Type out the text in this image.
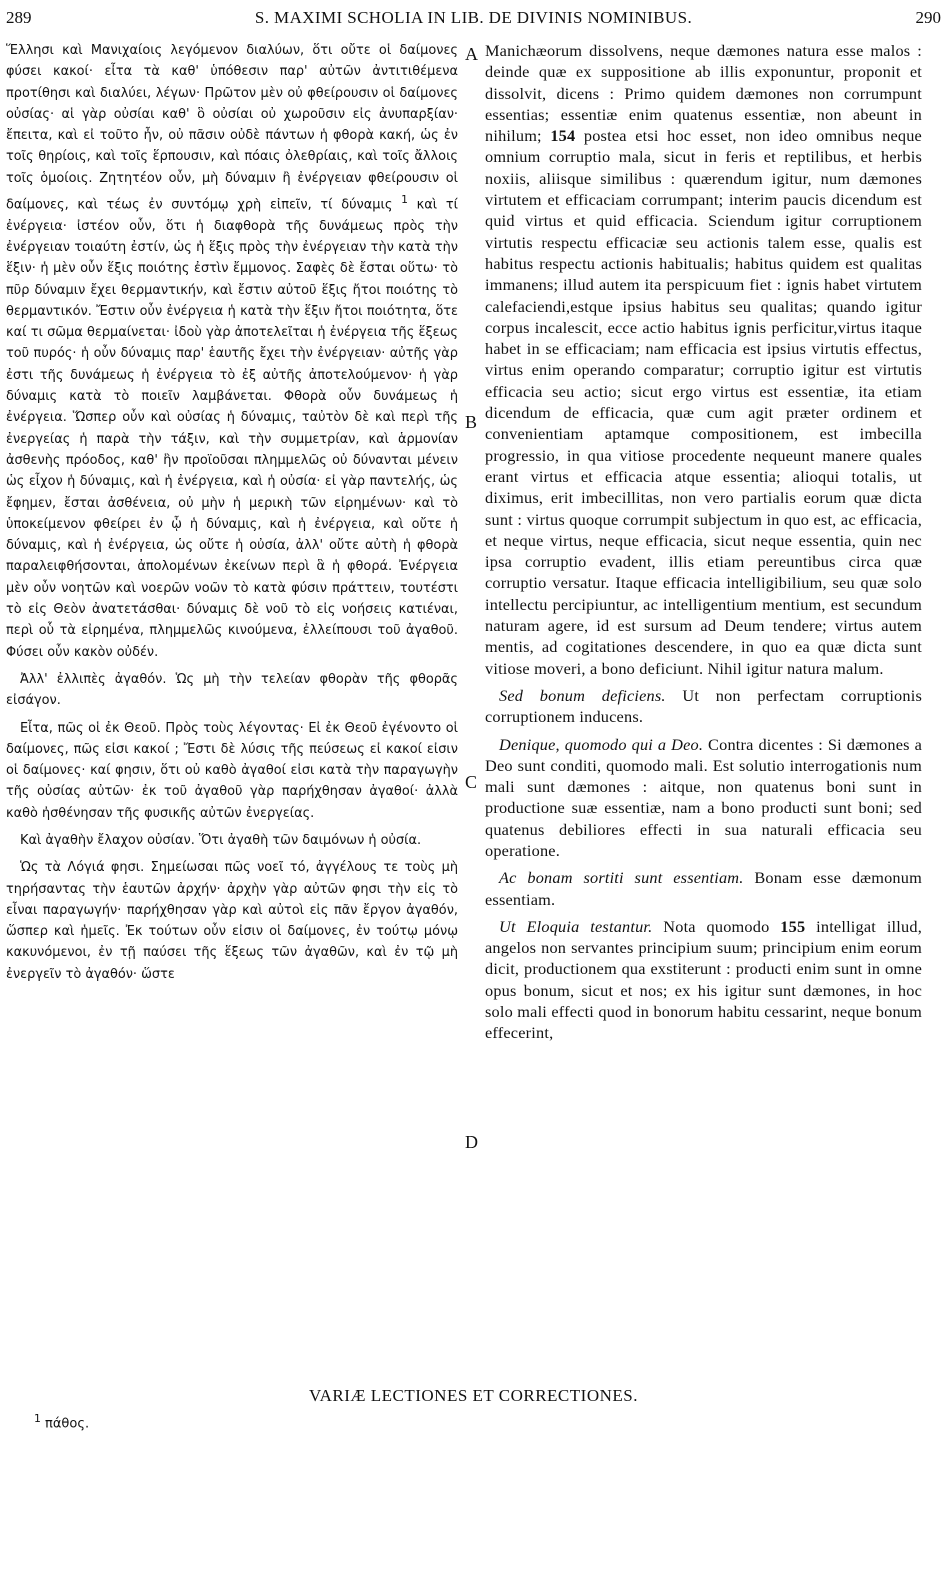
289	S. MAXIMI SCHOLIA IN LIB. DE DIVINIS NOMINIBUS.	290

Ἕλλησι καὶ Μανιχαίοις λεγόμενον διαλύων, ὅτι οὔτε οἱ δαίμονες φύσει κακοί· εἶτα τὰ καθ' ὑπόθεσιν παρ' αὐτῶν ἀντιτιθέμενα προτίθησι καὶ διαλύει, λέγων· Πρῶτον μὲν οὐ φθείρουσιν οἱ δαίμονες οὐσίας· αἱ γὰρ οὐσίαι καθ' ὃ οὐσίαι οὐ χωροῦσιν εἰς ἀνυπαρξίαν· ἔπειτα, καὶ εἰ τοῦτο ἦν, οὐ πᾶσιν οὐδὲ πάντων ἡ φθορὰ κακή, ὡς ἐν τοῖς θηρίοις, καὶ τοῖς ἕρπουσιν, καὶ πόαις ὀλεθρίαις, καὶ τοῖς ἄλλοις τοῖς ὁμοίοις. Ζητητέον οὖν, μὴ δύναμιν ἢ ἐνέργειαν φθείρουσιν οἱ δαίμονες, καὶ τέως ἐν συντόμῳ χρὴ εἰπεῖν, τί δύναμις $^1$ καὶ τί ἐνέργεια· ἰστέον οὖν, ὅτι ἡ διαφθορὰ τῆς δυνάμεως πρὸς τὴν ἐνέργειαν τοιαύτη ἐστίν, ὡς ἡ ἕξις πρὸς τὴν ἐνέργειαν τὴν κατὰ τὴν ἕξιν· ἡ μὲν οὖν ἕξις ποιότης ἐστὶν ἔμμονος. Σαφὲς δὲ ἔσται οὕτω· τὸ πῦρ δύναμιν ἔχει θερμαντικήν, καὶ ἔστιν αὐτοῦ ἕξις ἤτοι ποιότης τὸ θερμαντικόν. Ἔστιν οὖν ἐνέργεια ἡ κατὰ τὴν ἕξιν ἤτοι ποιότητα, ὅτε καί τι σῶμα θερμαίνεται· ἰδοὺ γὰρ ἀποτελεῖται ἡ ἐνέργεια τῆς ἕξεως τοῦ πυρός· ἡ οὖν δύναμις παρ' ἑαυτῆς ἔχει τὴν ἐνέργειαν· αὐτῆς γὰρ ἐστι τῆς δυνάμεως ἡ ἐνέργεια τὸ ἐξ αὐτῆς ἀποτελούμενον· ἡ γὰρ δύναμις κατὰ τὸ ποιεῖν λαμβάνεται. Φθορὰ οὖν δυνάμεως ἡ ἐνέργεια. Ὥσπερ οὖν καὶ οὐσίας ἡ δύναμις, ταὐτὸν δὲ καὶ περὶ τῆς ἐνεργείας ἡ παρὰ τὴν τάξιν, καὶ τὴν συμμετρίαν, καὶ ἁρμονίαν ἀσθενὴς πρόοδος, καθ' ἣν προϊοῦσαι πλημμελῶς οὐ δύνανται μένειν ὡς εἶχον ἡ δύναμις, καὶ ἡ ἐνέργεια, καὶ ἡ οὐσία· εἰ γὰρ παντελής, ὡς ἔφημεν, ἔσται ἀσθένεια, οὐ μὴν ἡ μερικὴ τῶν εἰρημένων· καὶ τὸ ὑποκείμενον φθείρει ἐν ᾧ ἡ δύναμις, καὶ ἡ ἐνέργεια, καὶ οὔτε ἡ δύναμις, καὶ ἡ ἐνέργεια, ὡς οὔτε ἡ οὐσία, ἀλλ' οὔτε αὐτὴ ἡ φθορὰ παραλειφθήσονται, ἀπολομένων ἐκείνων περὶ ἃ ἡ φθορά. Ἐνέργεια μὲν οὖν νοητῶν καὶ νοερῶν νοῶν τὸ κατὰ φύσιν πράττειν, τουτέστι τὸ εἰς Θεὸν ἀνατετάσθαι· δύναμις δὲ νοῦ τὸ εἰς νοήσεις κατιέναι, περὶ οὗ τὰ εἰρημένα, πλημμελῶς κινούμενα, ἐλλείπουσι τοῦ ἀγαθοῦ. Φύσει οὖν κακὸν οὐδέν.

Ἀλλ' ἐλλιπὲς ἀγαθόν. Ὡς μὴ τὴν τελείαν φθορὰν τῆς φθορᾶς εἰσάγον.

Εἶτα, πῶς οἱ ἐκ Θεοῦ. Πρὸς τοὺς λέγοντας· Εἰ ἐκ Θεοῦ ἐγένοντο οἱ δαίμονες, πῶς εἰσι κακοί ; Ἔστι δὲ λύσις τῆς πεύσεως εἰ κακοί εἰσιν οἱ δαίμονες· καί φησιν, ὅτι οὐ καθὸ ἀγαθοί εἰσι κατὰ τὴν παραγωγὴν τῆς οὐσίας αὐτῶν· ἐκ τοῦ ἀγαθοῦ γὰρ παρήχθησαν ἀγαθοί· ἀλλὰ καθὸ ἠσθένησαν τῆς φυσικῆς αὐτῶν ἐνεργείας.

Καὶ ἀγαθὴν ἔλαχον οὐσίαν. Ὅτι ἀγαθὴ τῶν δαιμόνων ἡ οὐσία.

Ὡς τὰ Λόγιά φησι. Σημείωσαι πῶς νοεῖ τό, ἀγγέλους τε τοὺς μὴ τηρήσαντας τὴν ἑαυτῶν ἀρχήν· ἀρχὴν γὰρ αὐτῶν φησι τὴν εἰς τὸ εἶναι παραγωγήν· παρήχθησαν γὰρ καὶ αὐτοὶ εἰς πᾶν ἔργον ἀγαθόν, ὥσπερ καὶ ἡμεῖς. Ἐκ τούτων οὖν εἰσιν οἱ δαίμονες, ἐν τούτῳ μόνῳ κακυνόμενοι, ἐν τῇ παύσει τῆς ἕξεως τῶν ἀγαθῶν, καὶ ἐν τῷ μὴ ἐνεργεῖν τὸ ἀγαθόν· ὥστε

A
B
C
D

Manichæorum dissolvens, neque dæmones natura esse malos : deinde quæ ex suppositione ab illis exponuntur, proponit et dissolvit, dicens : Primo quidem dæmones non corrumpunt essentias; essentiæ enim quatenus essentiæ, non abeunt in nihilum; 154 postea etsi hoc esset, non ideo omnibus neque omnium corruptio mala, sicut in feris et reptilibus, et herbis noxiis, aliisque similibus : quærendum igitur, num dæmones virtutem et efficaciam corrumpant; interim paucis dicendum est quid virtus et quid efficacia. Sciendum igitur corruptionem virtutis respectu efficaciæ seu actionis talem esse, qualis est habitus respectu actionis habitualis; habitus quidem est qualitas immanens; illud autem ita perspicuum fiet : ignis habet virtutem calefaciendi,estque ipsius habitus seu qualitas; quando igitur corpus incalescit, ecce actio habitus ignis perficitur,virtus itaque habet in se efficaciam; nam efficacia est ipsius virtutis effectus, virtus enim operando comparatur; corruptio igitur est virtutis efficacia seu actio; sicut ergo virtus est essentiæ, ita etiam dicendum de efficacia, quæ cum agit præter ordinem et convenientiam aptamque compositionem, est imbecilla progressio, in qua vitiose procedente nequeunt manere quales erant virtus et efficacia atque essentia; alioqui totalis, ut diximus, erit imbecillitas, non vero partialis eorum quæ dicta sunt : virtus quoque corrumpit subjectum in quo est, ac efficacia, et neque virtus, neque efficacia, sicut neque essentia, quin nec ipsa corruptio evadent, illis etiam pereuntibus circa quæ corruptio versatur. Itaque efficacia intelligibilium, seu quæ solo intellectu percipiuntur, ac intelligentium mentium, est secundum naturam agere, id est sursum ad Deum tendere; virtus autem mentis, ad cogitationes descendere, in quo ea quæ dicta sunt vitiose moveri, a bono deficiunt. Nihil igitur natura malum.

Sed bonum deficiens. Ut non perfectam corruptionis corruptionem inducens.

Denique, quomodo qui a Deo. Contra dicentes : Si dæmones a Deo sunt conditi, quomodo mali. Est solutio interrogationis num mali sunt dæmones : aitque, non quatenus boni sunt in productione suæ essentiæ, nam a bono producti sunt boni; sed quatenus debiliores effecti in sua naturali efficacia seu operatione.

Ac bonam sortiti sunt essentiam. Bonam esse dæmonum essentiam.

Ut Eloquia testantur. Nota quomodo 155 intelligat illud, angelos non servantes principium suum; principium enim eorum dicit, productionem qua exstiterunt : producti enim sunt in omne opus bonum, sicut et nos; ex his igitur sunt dæmones, in hoc solo mali effecti quod in bonorum habitu cessarint, neque bonum effecerint,

VARIÆ LECTIONES ET CORRECTIONES.
$^1$ πάθος.
